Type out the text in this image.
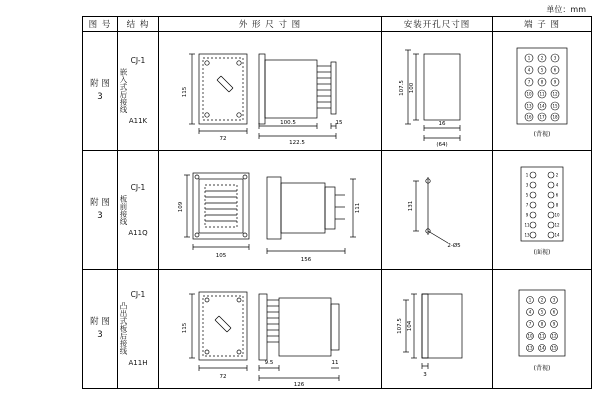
单位：mm
图 号	结 构	外 形 尺 寸 图	安装开孔尺寸图	端 子 图

附 图
3

CJ-1
嵌入式后接线
A11K

115
72
100.5
122.5
15

107.5 100
16
(64)

1	2	3
4	5	6
7	8	9
10 11 12
13 14 15
16 17 18
(背视)

附 图
3

CJ-1
板前接线
A11Q

109
105
156
111	131
2-Ø5

1	2
3	4
5	6
7	8
9	10
11	12
13	14
(面视)

附 图
3

CJ-1
凸出式板后接线
A11H

115
72
9.5
126
11

107.5 104
3

1 2 3
4 5 6
7 8 9
10 11 12
13 14 15
(背视)
